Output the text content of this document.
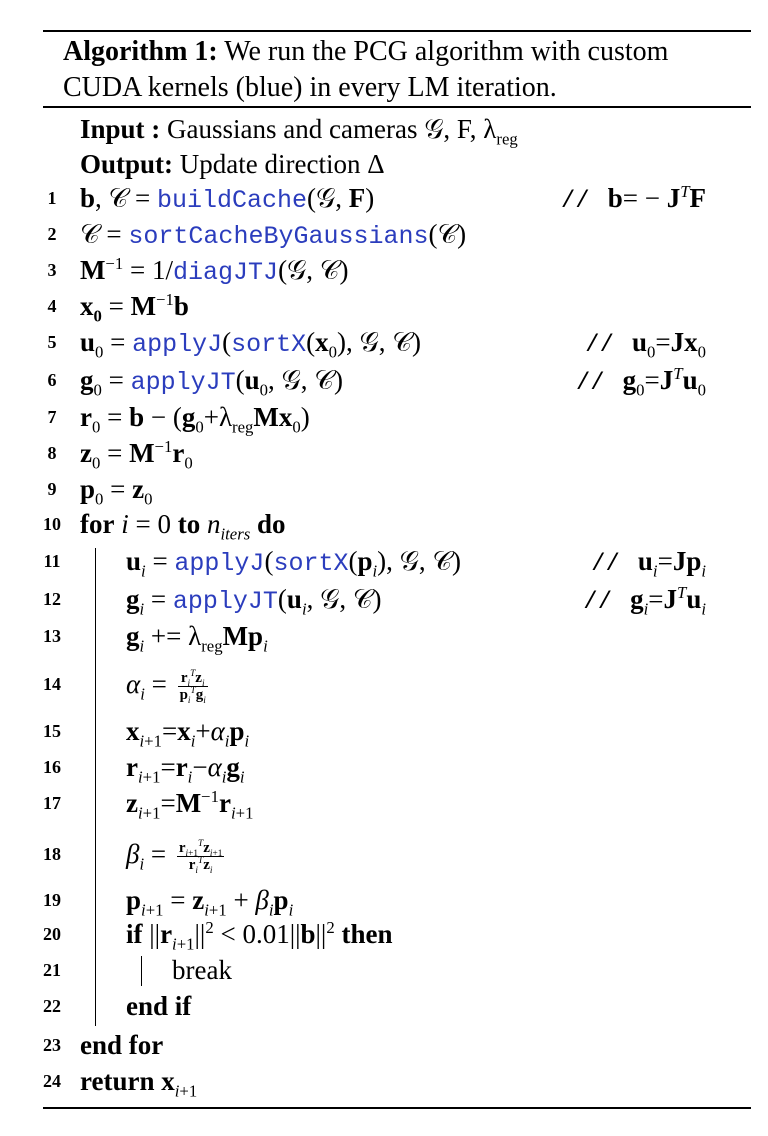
Algorithm 1: We run the PCG algorithm with custom CUDA kernels (blue) in every LM iteration.
Input : Gaussians and cameras 𝒢, F, $\lambda_{reg}$
Output: Update direction Δ
1 b, 𝒞 = buildCache(𝒢, F)	// $b= - J^TF$
2 𝒞 = sortCacheByGaussians(𝒞)
3 $M^{-1}$ = 1/diagJTJ(𝒢, 𝒞)
4 $x_0 = M^{-1}b$
5 $u_0$ = $applyJ(sortX(x_0)$, 𝒢, 𝒞)	// $u_0=Jx_0$
6 $g_0$ = $applyJT(u_0$, 𝒢, 𝒞)	// $g_0=J^Tu_0$
7 $r_0 = b - (g_0+\lambda_{reg}Mx_0)$
8 $z_0 = M^{-1}r_0$
9 $p_0 = z_0$
10 for i = 0 to $n_{iters}$ do
11 $u_i$ = $applyJ(sortX(p_i)$, 𝒢, 𝒞)	// $u_i=Jp_i$
12 $g_i$ = $applyJT(u_i$, 𝒢, 𝒞)	// $g_i=J^Tu_i$
13 $g_i += \lambda_{reg}Mp_i$
14 $\alpha_i = \frac{r_i^Tz_i}{p_i^Tg_i}$
15 $x_{i+1}=x_i+\alpha_ip_i$
16 $r_{i+1}=r_i-\alpha_ig_i$
17 $z_{i+1}=M^{-1}r_{i+1}$
18 $\beta_i = \frac{r_{i+1}^Tz_{i+1}}{r_i^Tz_i}$
19 $p_{i+1} = z_{i+1} + \beta_ip_i$
20 if $||r_{i+1}||^2 < 0.01||b||^2$ then
21	break
22 end if
23 end for
24 return $x_{i+1}$
